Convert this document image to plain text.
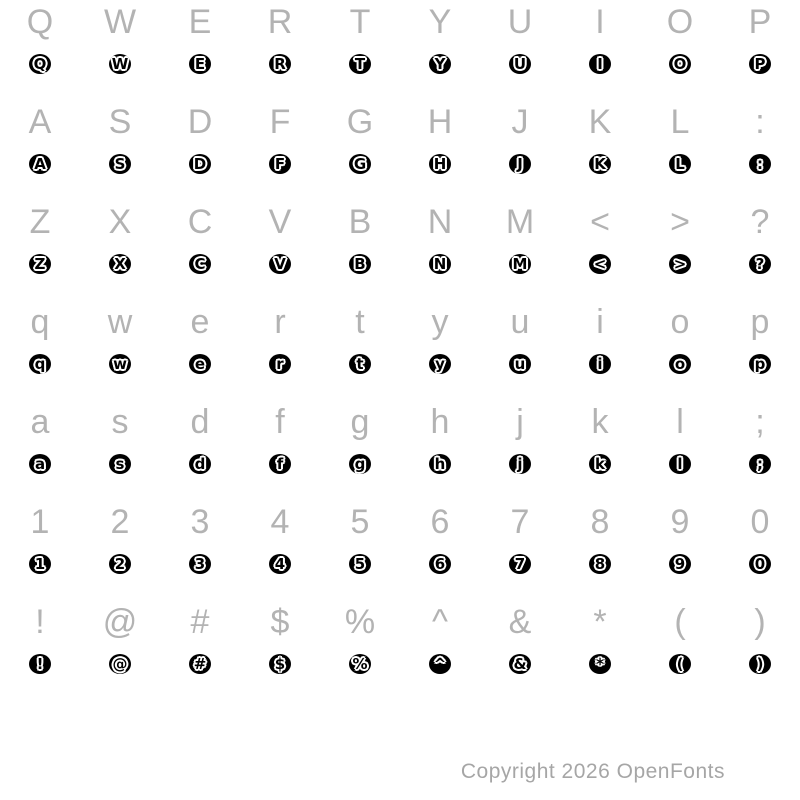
Q W E R T Y U I O P
Q	W	E	R	T	Y	U	I	O	P
A S D F G H J K L :
A	S	D	F	G	H	J	K	L	:
Z X C V B N M < > ?
Z	X	C	V	B	N	M	<	>	?
q w e r t y u i o p
q	w	e	r	t	y	u	i	o	p
a s d f g h j k l ;
a	s	d	f	g	h	j	k	l	;
1 2 3 4 5 6 7 8 9 0
1	2	3	4	5	6	7	8	9	0
! @ # $ % ^ & * ( )
!	@	#	$	%	^	&	*	(	)
Copyright 2026 OpenFonts
